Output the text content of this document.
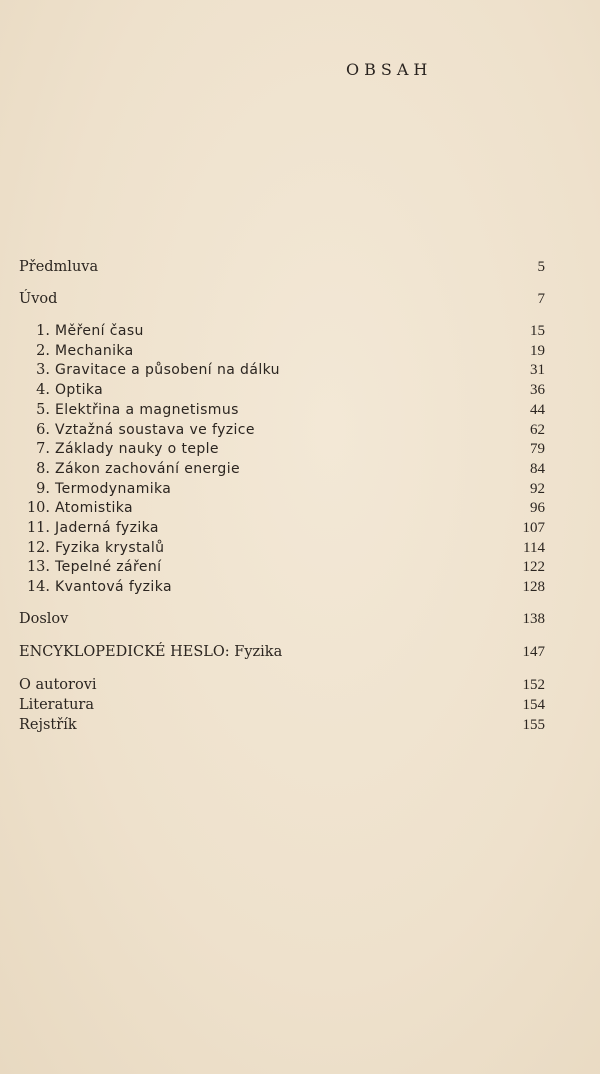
OBSAH
Předmluva	5
Úvod	7
1. Měření času	15
2. Mechanika	19
3. Gravitace a působení na dálku	31
4. Optika	36
5. Elektřina a magnetismus	44
6. Vztažná soustava ve fyzice	62
7. Základy nauky o teple	79
8. Zákon zachování energie	84
9. Termodynamika	92
10. Atomistika	96
11. Jaderná fyzika	107
12. Fyzika krystalů	114
13. Tepelné záření	122
14. Kvantová fyzika	128
Doslov	138
ENCYKLOPEDICKÉ HESLO: Fyzika	147
O autorovi	152
Literatura	154
Rejstřík	155
